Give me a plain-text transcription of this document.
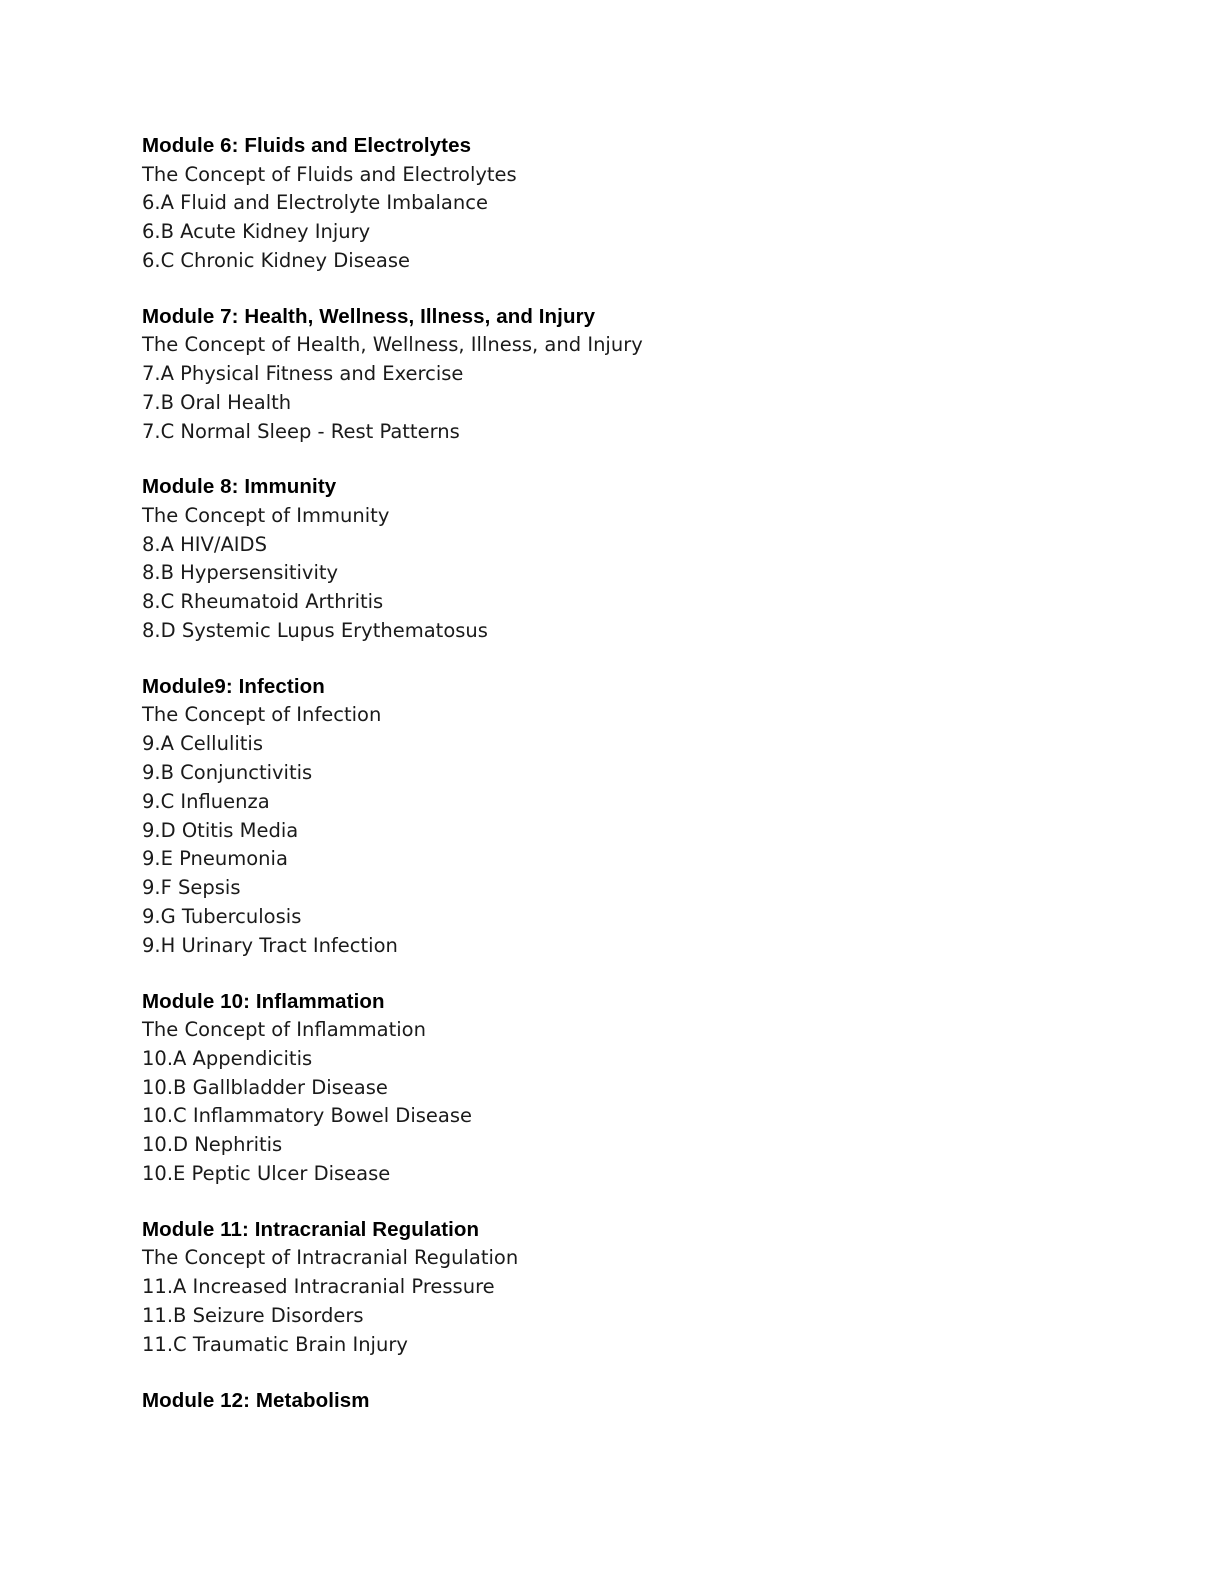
Module 6: Fluids and Electrolytes
The Concept of Fluids and Electrolytes
6.A Fluid and Electrolyte Imbalance
6.B Acute Kidney Injury
6.C Chronic Kidney Disease
Module 7: Health, Wellness, Illness, and Injury
The Concept of Health, Wellness, Illness, and Injury
7.A Physical Fitness and Exercise
7.B Oral Health
7.C Normal Sleep - Rest Patterns
Module 8: Immunity
The Concept of Immunity
8.A HIV/AIDS
8.B Hypersensitivity
8.C Rheumatoid Arthritis
8.D Systemic Lupus Erythematosus
Module9: Infection
The Concept of Infection
9.A Cellulitis
9.B Conjunctivitis
9.C Influenza
9.D Otitis Media
9.E Pneumonia
9.F Sepsis
9.G Tuberculosis
9.H Urinary Tract Infection
Module 10: Inflammation
The Concept of Inflammation
10.A Appendicitis
10.B Gallbladder Disease
10.C Inflammatory Bowel Disease
10.D Nephritis
10.E Peptic Ulcer Disease
Module 11: Intracranial Regulation
The Concept of Intracranial Regulation
11.A Increased Intracranial Pressure
11.B Seizure Disorders
11.C Traumatic Brain Injury
Module 12: Metabolism
